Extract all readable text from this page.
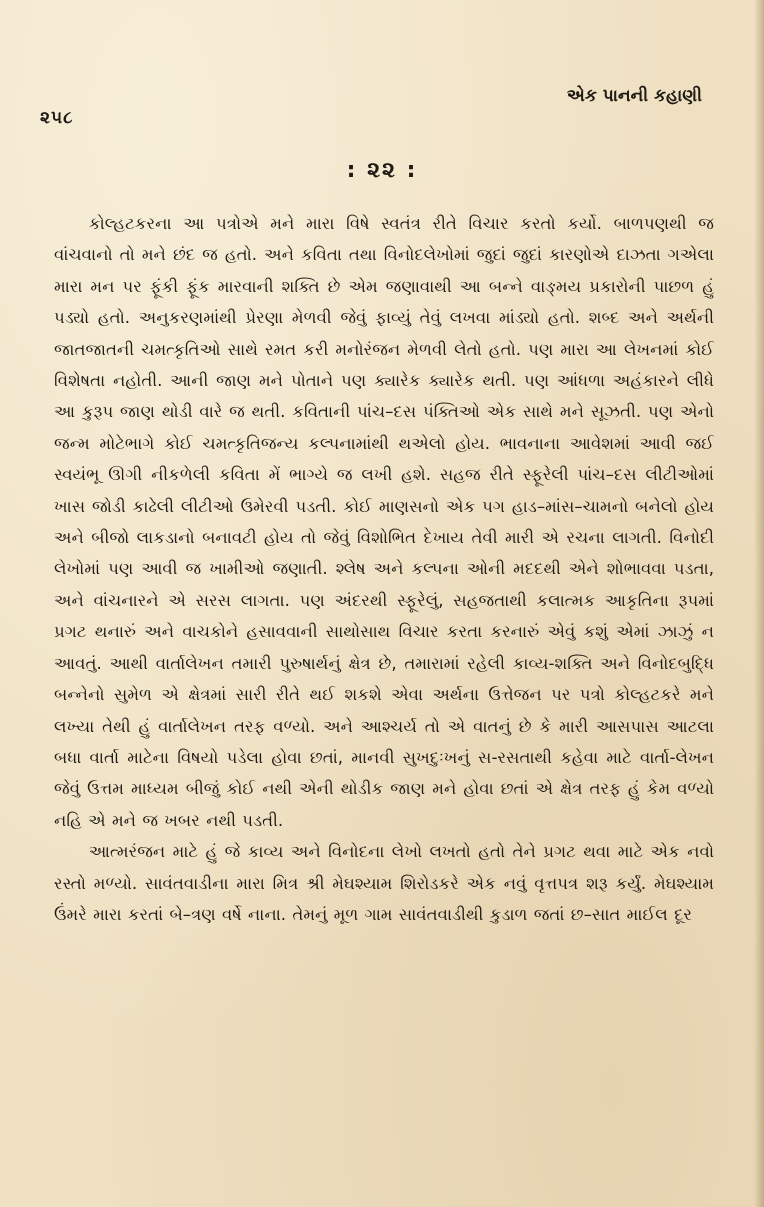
૨૫૮
એક પાનની કહાણી
: ૨૨ :

કોલ્હટકરના આ પત્રોએ મને મારા વિષે સ્વતંત્ર રીતે વિચાર કરતો કર્યો. બાળપણથી જ વાંચવાનો તો મને છંદ જ હતો. અને કવિતા તથા વિનોદલેખોમાં જુદાં જુદાં કારણોએ દાઝતા ગએલા મારા મન પર ફૂંકી ફૂંક મારવાની શક્તિ છે એમ જણાવાથી આ બન્ને વાઙ્મય પ્રકારોની પાછળ હું પડ્યો હતો. અનુકરણમાંથી પ્રેરણા મેળવી જેવું ફાવ્યું તેવું લખવા માંડ્યો હતો. શબ્દ અને અર્થની જાતજાતની ચમત્કૃતિઓ સાથે રમત કરી મનોરંજન મેળવી લેતો હતો. પણ મારા આ લેખનમાં કોઈ વિશેષતા નહોતી. આની જાણ મને પોતાને પણ ક્યારેક ક્યારેક થતી. પણ આંધળા અહંકારને લીધે આ કુરૂપ જાણ થોડી વારે જ થતી. કવિતાની પાંચ–દસ પંક્તિઓ એક સાથે મને સૂઝતી. પણ એનો જન્મ મોટેભાગે કોઈ ચમત્કૃતિજન્ય કલ્પનામાંથી થએલો હોય. ભાવનાના આવેશમાં આવી જઈ સ્વયંભૂ ઊગી નીકળેલી કવિતા મેં ભાગ્યે જ લખી હશે. સહજ રીતે સ્ફૂરેલી પાંચ–દસ લીટીઓમાં ખાસ જોડી કાઢેલી લીટીઓ ઉમેરવી પડતી. કોઈ માણસનો એક પગ હાડ–માંસ–ચામનો બનેલો હોય અને બીજો લાકડાનો બનાવટી હોય તો જેવું વિશોભિત દેખાય તેવી મારી એ રચના લાગતી. વિનોદી લેખોમાં પણ આવી જ ખામીઓ જણાતી. શ્લેષ અને કલ્પના ઓની મદદથી એને શોભાવવા પડતા, અને વાંચનારને એ સરસ લાગતા. પણ અંદરથી સ્ફૂરેલું, સહજતાથી કલાત્મક આકૃતિના રૂપમાં પ્રગટ થનારું અને વાચકોને હસાવવાની સાથોસાથ વિચાર કરતા કરનારું એવું કશું એમાં ઝાઝું ન આવતું. આથી વાર્તાલેખન તમારી પુરુષાર્થનું ક્ષેત્ર છે, તમારામાં રહેલી કાવ્ય-શક્તિ અને વિનોદબુદ્ધિ બન્નેનો સુમેળ એ ક્ષેત્રમાં સારી રીતે થઈ શકશે એવા અર્થના ઉત્તેજન પર પત્રો કોલ્હટકરે મને લખ્યા તેથી હું વાર્તાલેખન તરફ વળ્યો. અને આશ્ચર્ય તો એ વાતનું છે કે મારી આસપાસ આટલા બધા વાર્તા માટેના વિષયો પડેલા હોવા છતાં, માનવી સુખદુઃખનું સ-રસતાથી કહેવા માટે વાર્તા-લેખન જેવું ઉત્તમ માધ્યમ બીજું કોઈ નથી એની થોડીક જાણ મને હોવા છતાં એ ક્ષેત્ર તરફ હું કેમ વળ્યો નહિ એ મને જ ખબર નથી પડતી.

આત્મરંજન માટે હું જે કાવ્ય અને વિનોદના લેખો લખતો હતો તેને પ્રગટ થવા માટે એક નવો રસ્તો મળ્યો. સાવંતવાડીના મારા મિત્ર શ્રી મેઘશ્યામ શિરોડકરે એક નવું વૃત્તપત્ર શરૂ કર્યું. મેઘશ્યામ ઉંમરે મારા કરતાં બે–ત્રણ વર્ષે નાના. તેમનું મૂળ ગામ સાવંતવાડીથી કુડાળ જતાં છ–સાત માઈલ દૂર
